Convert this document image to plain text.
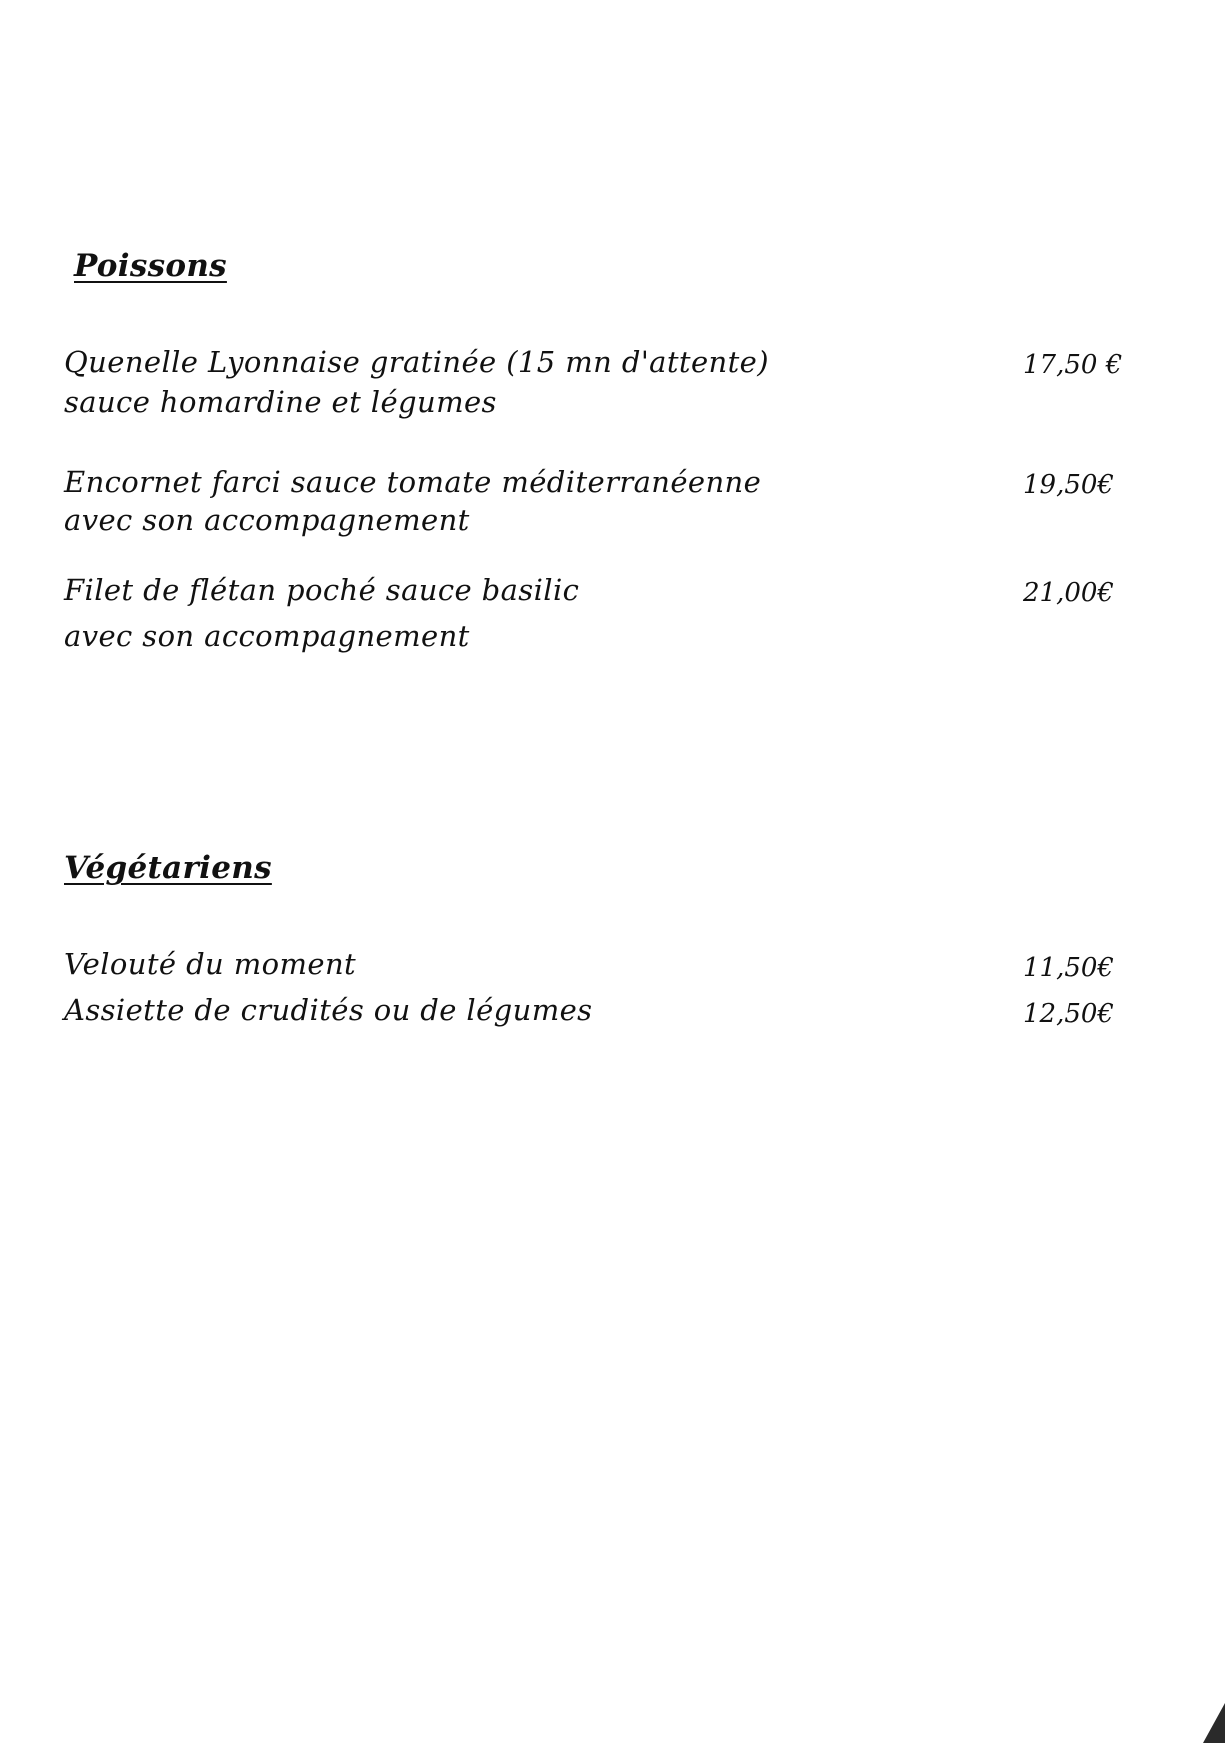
Poissons

Quenelle Lyonnaise gratinée (15 mn d'attente)

sauce homardine et légumes

17,50 €

Encornet farci sauce tomate méditerranéenne

avec son accompagnement

19,50€

Filet de flétan poché sauce basilic

avec son accompagnement

21,00€

Végétariens

Velouté du moment	11,50€

Assiette de crudités ou de légumes	12,50€
